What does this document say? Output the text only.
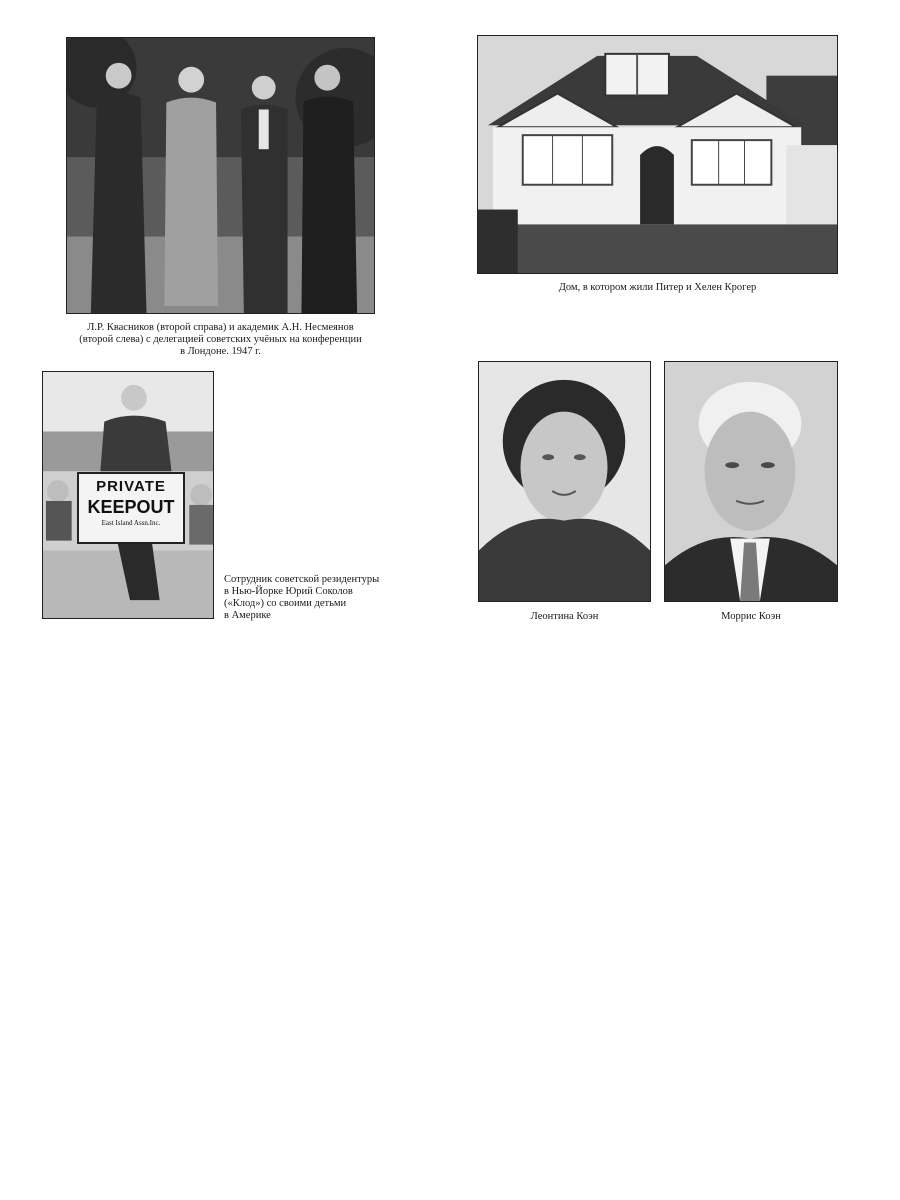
Л.Р. Квасников (второй справа) и академик А.Н. Несмеянов
(второй слева) с делегацией советских учёных на конференции
в Лондоне. 1947 г.
Дом, в котором жили Питер и Хелен Крогер
PRIVATE
KEEPOUT
East Island Assn.Inc.
Сотрудник советской резидентуры
в Нью-Йорке Юрий Соколов
(«Клод») со своими детьми
в Америке	Леонтина Коэн	Моррис Коэн
